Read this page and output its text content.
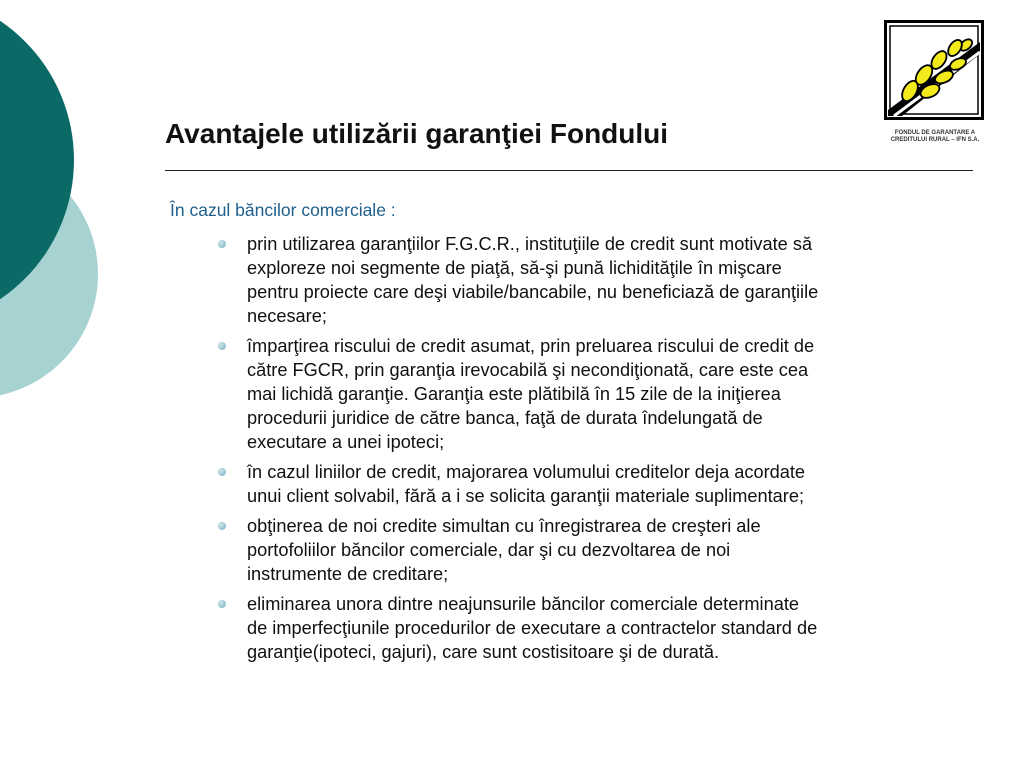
Avantajele utilizării garanţiei Fondului	FONDUL DE GARANTARE A
CREDITULUI RURAL – IFN S.A.
În cazul băncilor comerciale :
prin utilizarea garanţiilor F.G.C.R., instituţiile de credit sunt motivate să
exploreze noi segmente de piaţă, să-şi pună lichidităţile în mişcare
pentru proiecte care deşi viabile/bancabile, nu beneficiază de garanţiile
necesare;
împarţirea riscului de credit asumat, prin preluarea riscului de credit de
către FGCR, prin garanţia irevocabilă şi necondiţionată, care este cea
mai lichidă garanţie. Garanţia este plătibilă în 15 zile de la iniţierea
procedurii juridice de către banca, faţă de durata îndelungată de
executare a unei ipoteci;
în cazul liniilor de credit, majorarea volumului creditelor deja acordate
unui client solvabil, fără a i se solicita garanţii materiale suplimentare;
obţinerea de noi credite simultan cu înregistrarea de creşteri ale
portofoliilor băncilor comerciale, dar şi cu dezvoltarea de noi
instrumente de creditare;
eliminarea unora dintre neajunsurile băncilor comerciale determinate
de imperfecţiunile procedurilor de executare a contractelor standard de
garanţie(ipoteci, gajuri), care sunt costisitoare şi de durată.
